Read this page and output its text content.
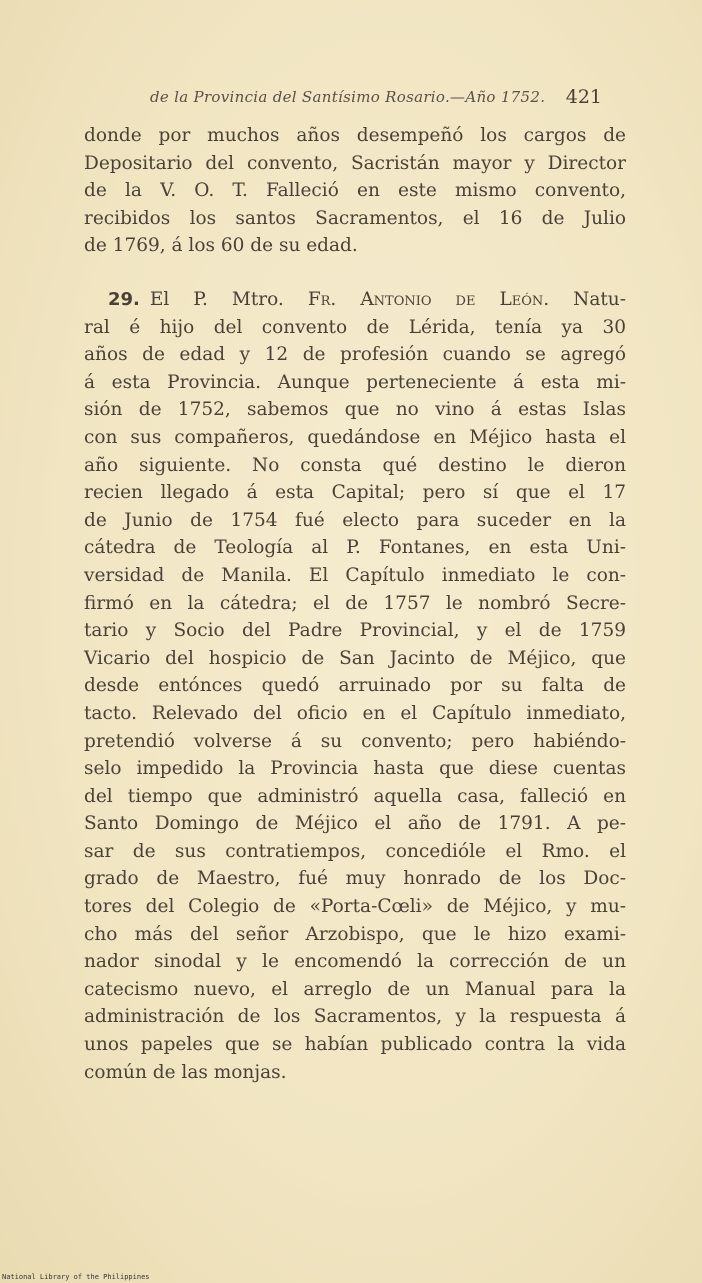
de la Provincia del Santísimo Rosario.—Año 1752.	421
donde por muchos años desempeñó los cargos de
Depositario del convento, Sacristán mayor y Director
de la V. O. T. Falleció en este mismo convento,
recibidos los santos Sacramentos, el 16 de Julio
de 1769, á los 60 de su edad.
29. El P. Mtro. Fr. Antonio de León. Natu-
ral é hijo del convento de Lérida, tenía ya 30
años de edad y 12 de profesión cuando se agregó
á esta Provincia. Aunque perteneciente á esta mi-
sión de 1752, sabemos que no vino á estas Islas
con sus compañeros, quedándose en Méjico hasta el
año siguiente. No consta qué destino le dieron
recien llegado á esta Capital; pero sí que el 17
de Junio de 1754 fué electo para suceder en la
cátedra de Teología al P. Fontanes, en esta Uni-
versidad de Manila. El Capítulo inmediato le con-
firmó en la cátedra; el de 1757 le nombró Secre-
tario y Socio del Padre Provincial, y el de 1759
Vicario del hospicio de San Jacinto de Méjico, que
desde entónces quedó arruinado por su falta de
tacto. Relevado del oficio en el Capítulo inmediato,
pretendió volverse á su convento; pero habiéndo-
selo impedido la Provincia hasta que diese cuentas
del tiempo que administró aquella casa, falleció en
Santo Domingo de Méjico el año de 1791. A pe-
sar de sus contratiempos, concedióle el Rmo. el
grado de Maestro, fué muy honrado de los Doc-
tores del Colegio de «Porta-Cœli» de Méjico, y mu-
cho más del señor Arzobispo, que le hizo exami-
nador sinodal y le encomendó la corrección de un
catecismo nuevo, el arreglo de un Manual para la
administración de los Sacramentos, y la respuesta á
unos papeles que se habían publicado contra la vida
común de las monjas.
National Library of the Philippines
